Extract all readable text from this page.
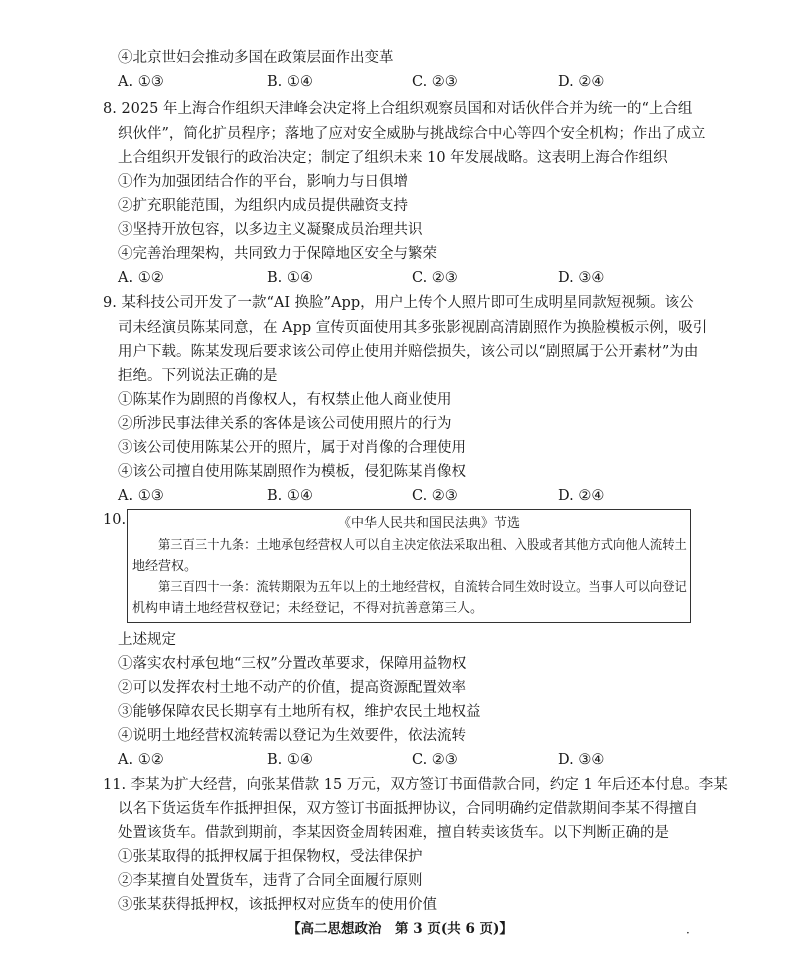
④北京世妇会推动多国在政策层面作出变革
A. ①③	B. ①④	C. ②③	D. ②④
8. 2025 年上海合作组织天津峰会决定将上合组织观察员国和对话伙伴合并为统一的“上合组
织伙伴”，简化扩员程序；落地了应对安全威胁与挑战综合中心等四个安全机构；作出了成立
上合组织开发银行的政治决定；制定了组织未来 10 年发展战略。这表明上海合作组织
①作为加强团结合作的平台，影响力与日俱增
②扩充职能范围，为组织内成员提供融资支持
③坚持开放包容，以多边主义凝聚成员治理共识
④完善治理架构，共同致力于保障地区安全与繁荣
A. ①②	B. ①④	C. ②③	D. ③④
9. 某科技公司开发了一款“AI 换脸”App，用户上传个人照片即可生成明星同款短视频。该公
司未经演员陈某同意，在 App 宣传页面使用其多张影视剧高清剧照作为换脸模板示例，吸引
用户下载。陈某发现后要求该公司停止使用并赔偿损失，该公司以“剧照属于公开素材”为由
拒绝。下列说法正确的是
①陈某作为剧照的肖像权人，有权禁止他人商业使用
②所涉民事法律关系的客体是该公司使用照片的行为
③该公司使用陈某公开的照片，属于对肖像的合理使用
④该公司擅自使用陈某剧照作为模板，侵犯陈某肖像权
A. ①③	B. ①④	C. ②③	D. ②④
10.	《中华人民共和国民法典》节选
第三百三十九条：土地承包经营权人可以自主决定依法采取出租、入股或者其他方式向他人流转土
地经营权。
第三百四十一条：流转期限为五年以上的土地经营权，自流转合同生效时设立。当事人可以向登记
机构申请土地经营权登记；未经登记，不得对抗善意第三人。
上述规定
①落实农村承包地“三权”分置改革要求，保障用益物权
②可以发挥农村土地不动产的价值，提高资源配置效率
③能够保障农民长期享有土地所有权，维护农民土地权益
④说明土地经营权流转需以登记为生效要件，依法流转
A. ①②	B. ①④	C. ②③	D. ③④
11. 李某为扩大经营，向张某借款 15 万元，双方签订书面借款合同，约定 1 年后还本付息。李某
以名下货运货车作抵押担保，双方签订书面抵押协议，合同明确约定借款期间李某不得擅自
处置该货车。借款到期前，李某因资金周转困难，擅自转卖该货车。以下判断正确的是
①张某取得的抵押权属于担保物权，受法律保护
②李某擅自处置货车，违背了合同全面履行原则
③张某获得抵押权，该抵押权对应货车的使用价值
【高二思想政治　第 3 页(共 6 页)】	·
